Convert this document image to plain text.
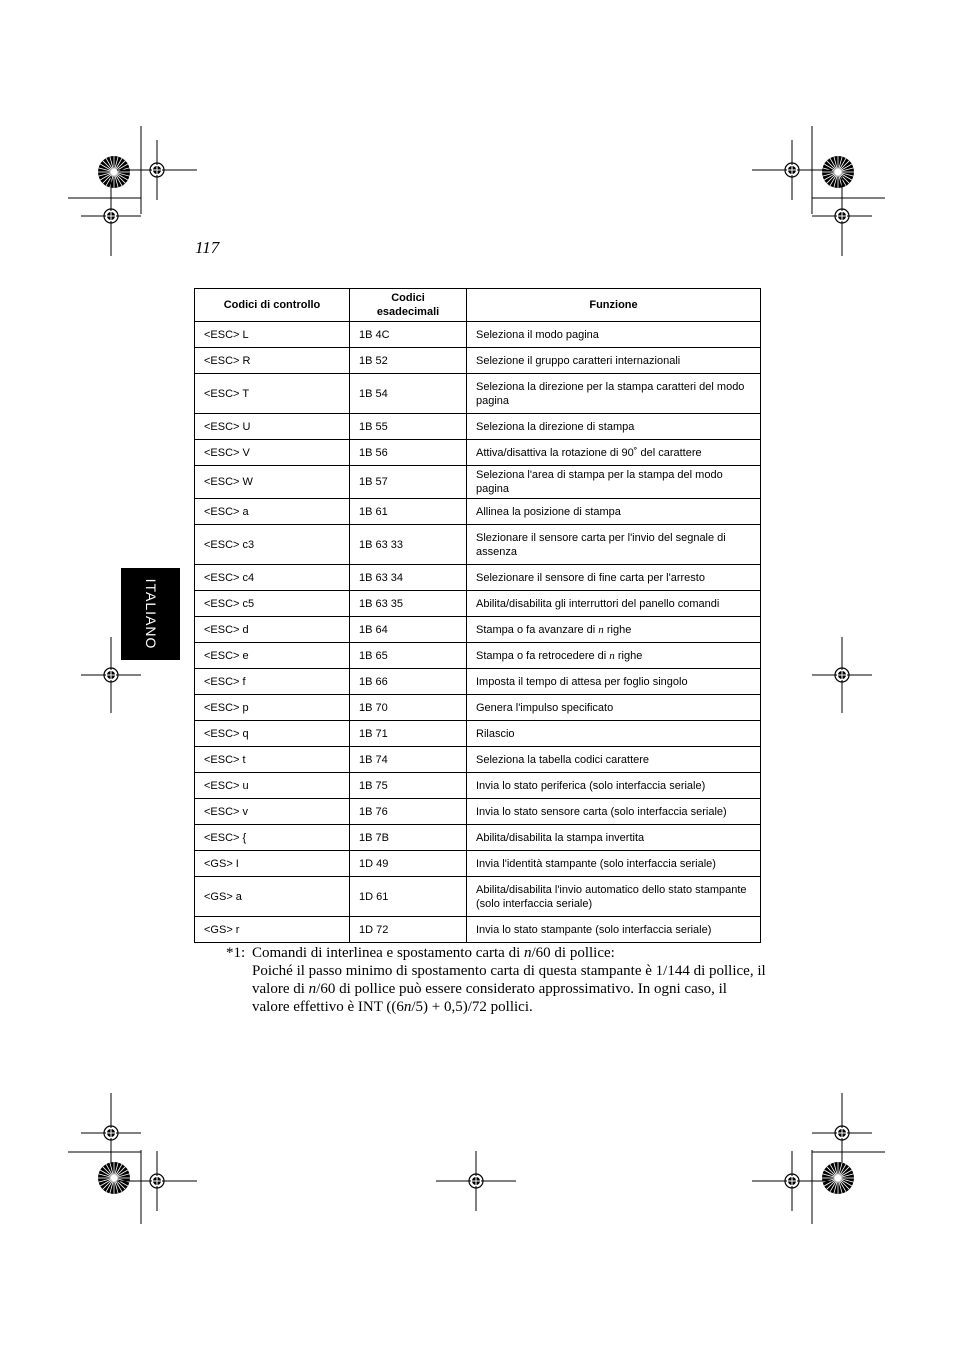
117
ITALIANO
Codici di controllo	Codici esadecimali	Funzione
<ESC> L	1B 4C	Seleziona il modo pagina
<ESC> R	1B 52	Selezione il gruppo caratteri internazionali
<ESC> T	1B 54	Seleziona la direzione per la stampa caratteri del modo pagina
<ESC> U	1B 55	Seleziona la direzione di stampa
<ESC> V	1B 56	Attiva/disattiva la rotazione di 90˚ del carattere
<ESC> W	1B 57	Seleziona l'area di stampa per la stampa del modo pagina
<ESC> a	1B 61	Allinea la posizione di stampa
<ESC> c3	1B 63 33	Slezionare il sensore carta per l'invio del segnale di assenza
<ESC> c4	1B 63 34	Selezionare il sensore di fine carta per l'arresto
<ESC> c5	1B 63 35	Abilita/disabilita gli interruttori del panello comandi
<ESC> d	1B 64	Stampa o fa avanzare di n righe
<ESC> e	1B 65	Stampa o fa retrocedere di n righe
<ESC> f	1B 66	Imposta il tempo di attesa per foglio singolo
<ESC> p	1B 70	Genera l'impulso specificato
<ESC> q	1B 71	Rilascio
<ESC> t	1B 74	Seleziona la tabella codici carattere
<ESC> u	1B 75	Invia lo stato periferica (solo interfaccia seriale)
<ESC> v	1B 76	Invia lo stato sensore carta (solo interfaccia seriale)
<ESC> {	1B 7B	Abilita/disabilita la stampa invertita
<GS> I	1D 49	Invia l'identità stampante (solo interfaccia seriale)
<GS> a	1D 61	Abilita/disabilita l'invio automatico dello stato stampante (solo interfaccia seriale)
<GS> r	1D 72	Invia lo stato stampante (solo interfaccia seriale)
*1: Comandi di interlinea e spostamento carta di n/60 di pollice:
Poiché il passo minimo di spostamento carta di questa stampante è 1/144 di pollice, il valore di n/60 di pollice può essere considerato approssimativo. In ogni caso, il valore effettivo è INT ((6n/5) + 0,5)/72 pollici.
